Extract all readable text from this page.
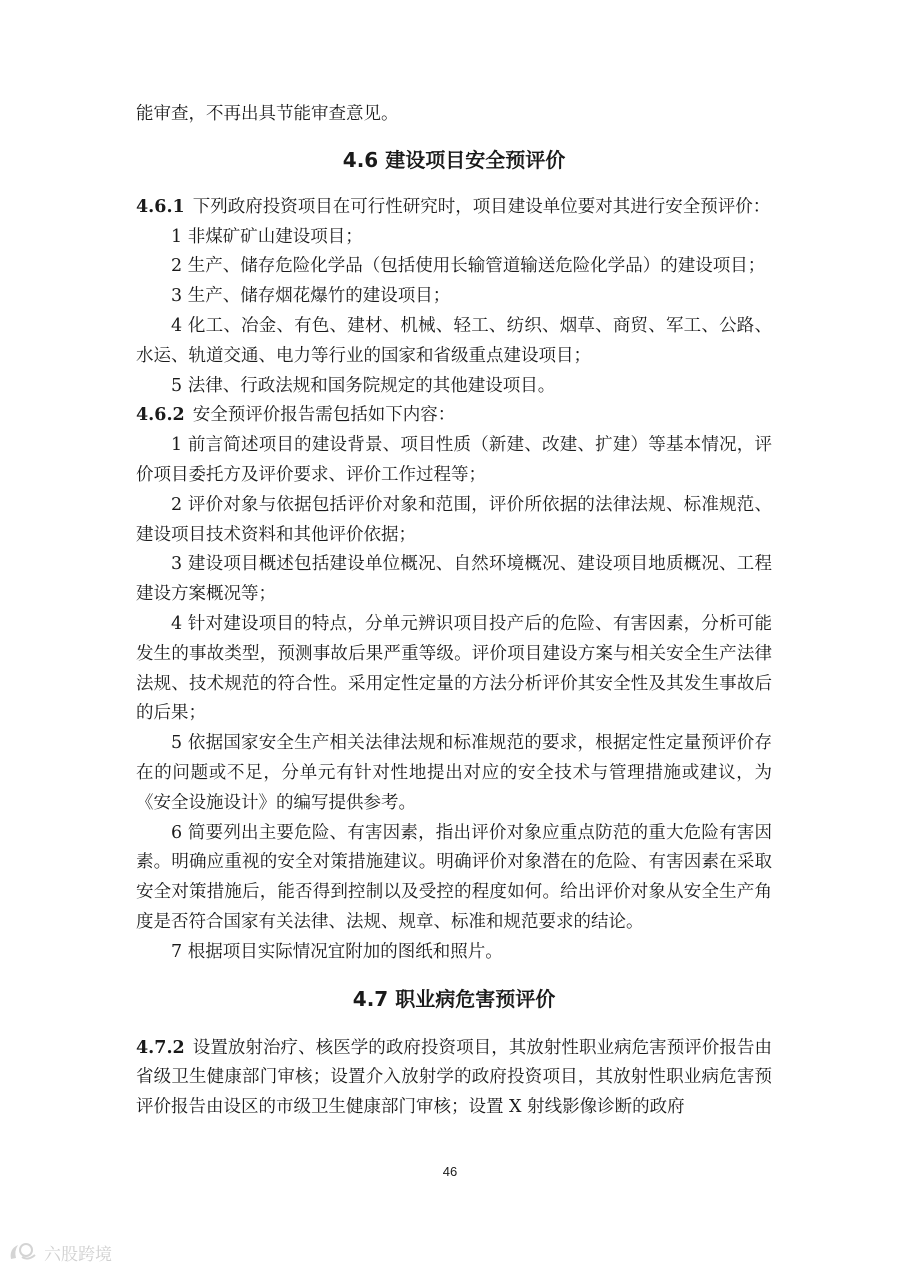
能审查，不再出具节能审查意见。

4.6 建设项目安全预评价

4.6.1 下列政府投资项目在可行性研究时，项目建设单位要对其进行安全预评价：

1 非煤矿矿山建设项目；

2 生产、储存危险化学品（包括使用长输管道输送危险化学品）的建设项目；

3 生产、储存烟花爆竹的建设项目；

4 化工、冶金、有色、建材、机械、轻工、纺织、烟草、商贸、军工、公路、水运、轨道交通、电力等行业的国家和省级重点建设项目；

5 法律、行政法规和国务院规定的其他建设项目。

4.6.2 安全预评价报告需包括如下内容：

1 前言简述项目的建设背景、项目性质（新建、改建、扩建）等基本情况，评价项目委托方及评价要求、评价工作过程等；

2 评价对象与依据包括评价对象和范围，评价所依据的法律法规、标准规范、建设项目技术资料和其他评价依据；

3 建设项目概述包括建设单位概况、自然环境概况、建设项目地质概况、工程建设方案概况等；

4 针对建设项目的特点，分单元辨识项目投产后的危险、有害因素，分析可能发生的事故类型，预测事故后果严重等级。评价项目建设方案与相关安全生产法律法规、技术规范的符合性。采用定性定量的方法分析评价其安全性及其发生事故后的后果；

5 依据国家安全生产相关法律法规和标准规范的要求，根据定性定量预评价存在的问题或不足，分单元有针对性地提出对应的安全技术与管理措施或建议，为《安全设施设计》的编写提供参考。

6 简要列出主要危险、有害因素，指出评价对象应重点防范的重大危险有害因素。明确应重视的安全对策措施建议。明确评价对象潜在的危险、有害因素在采取安全对策措施后，能否得到控制以及受控的程度如何。给出评价对象从安全生产角度是否符合国家有关法律、法规、规章、标准和规范要求的结论。

7 根据项目实际情况宜附加的图纸和照片。

4.7 职业病危害预评价

4.7.2 设置放射治疗、核医学的政府投资项目，其放射性职业病危害预评价报告由省级卫生健康部门审核；设置介入放射学的政府投资项目，其放射性职业病危害预评价报告由设区的市级卫生健康部门审核；设置 X 射线影像诊断的政府

46
六股跨境
